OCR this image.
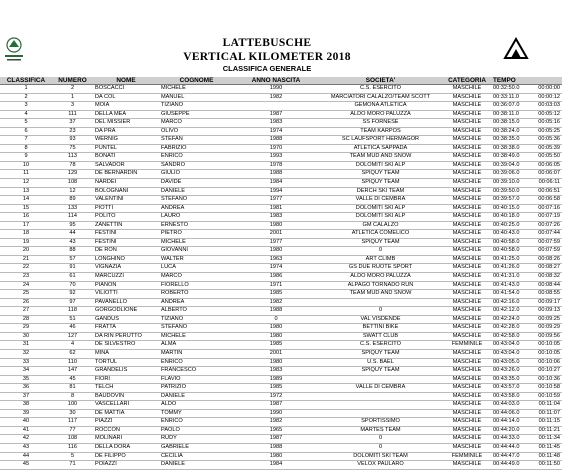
LATTEBUSCHE
VERTICAL KILOMETER 2018
CLASSIFICA GENERALE
CLASSIFICA	NUMERO	NOME	COGNOME	ANNO NASCITA	SOCIETA'	CATEGORIA	TEMPO	
1	2	BOSCACCI	MICHELE	1990	C.S. ESERCITO	MASCHILE	00:32:50.0	00:00:00
2	1	DA COL	MANUEL	1982	MARCIATORI CALALZO/TEAM SCOTT	MASCHILE	00:33:11.0	00:00:12
3	3	MOIA	TIZIANO		GEMONA ATLETICA	MASCHILE	00:36:07.0	00:03:03
4	111	DELLA MEA	GIUSEPPE	1987	ALDO MORO PALUZZA	MASCHILE	00:38:11.0	00:05:12
5	37	DEL MISSIER	MARCO	1983	SS FORNESE	MASCHILE	00:38:15.0	00:05:16
6	23	DA PRA	OLIVO	1974	TEAM KARPOS	MASCHILE	00:38:24.0	00:05:25
7	93	WERNIG	STEFAN	1988	SC LAUFSPORT HERMAGOR	MASCHILE	00:38:35.0	00:05:36
8	75	PUNTEL	FABRIZIO	1970	ATLETICA SAPPADA	MASCHILE	00:38:38.0	00:05:39
9	113	BONATI	ENRICO	1993	TEAM MUD AND SNOW	MASCHILE	00:38:49.0	00:05:50
10	78	SALVADOR	SANDRO	1978	DOLOMITI SKI ALP	MASCHILE	00:39:04.0	00:06:05
11	129	DE BERNARDIN	GIULIO	1988	SPIQUY TEAM	MASCHILE	00:39:06.0	00:06:07
12	108	NARDEI	DAVIDE	1984	SPIQUY TEAM	MASCHILE	00:39:10.0	00:06:11
13	12	BOLOGNANI	DANIELE	1994	DERCH SKI TEAM	MASCHILE	00:39:50.0	00:06:51
14	89	VALENTINI	STEFANO	1977	VALLE DI CEMBRA	MASCHILE	00:39:57.0	00:06:58
15	133	PIOTTI	ANDREA	1981	DOLOMITI SKI ALP	MASCHILE	00:40:15.0	00:07:16
16	114	POLITO	LAURO	1983	DOLOMITI SKI ALP	MASCHILE	00:40:18.0	00:07:19
17	95	ZANETTIN	ERNESTO	1980	GM CALALZO	MASCHILE	00:40:25.0	00:07:26
18	44	FESTINI	PIETRO	2001	ATLETICA COMELICO	MASCHILE	00:40:43.0	00:07:44
19	43	FESTINI	MICHELE	1977	SPIQUY TEAM	MASCHILE	00:40:58.0	00:07:59
20	88	DE RON	GIOVANNI	1980	0	MASCHILE	00:40:58.0	00:07:59
21	57	LONGHINO	WALTER	1963	ART CLIMB	MASCHILE	00:41:25.0	00:08:26
22	91	VIGNAZIA	LUCA	1974	GS DUE RUOTE SPORT	MASCHILE	00:41:26.0	00:08:27
23	61	MARCUZZI	MARCO	1986	ALDO MORO PALUZZA	MASCHILE	00:41:31.0	00:08:32
24	70	PIANON	FIORELLO	1971	ALPAGO TORNADO RUN	MASCHILE	00:41:43.0	00:08:44
25	92	VILIOTTI	ROBERTO	1985	TEAM MUD AND SNOW	MASCHILE	00:41:54.0	00:08:55
26	97	PAVANELLO	ANDREA	1982		MASCHILE	00:42:16.0	00:09:17
27	118	GORGODLIONE	ALBERTO	1988	0	MASCHILE	00:42:12.0	00:09:13
28	51	GANDUS	TIZIANO	0	VAL VISDENDE	MASCHILE	00:42:24.0	00:09:25
29	46	FRATTA	STEFANO	1980	BETTINI BIKE	MASCHILE	00:42:28.0	00:09:29
30	127	DA RIN PERUTTO	MICHELE	1980	SWATT CLUB	MASCHILE	00:42:58.0	00:09:56
31	4	DE SILVESTRO	ALMA	1985	C.S. ESERCITO	FEMMINILE	00:43:04.0	00:10:05
32	62	MINA	MARTIN	2001	SPIQUY TEAM	MASCHILE	00:43:04.0	00:10:05
33	110	TORTUL	ENRICO	1980	U.S. BAEL	MASCHILE	00:43:05.0	00:10:06
34	147	GRANDELIS	FRANCESCO	1983	SPIQUY TEAM	MASCHILE	00:43:26.0	00:10:27
35	45	FIORI	FLAVIO	1989		MASCHILE	00:43:35.0	00:10:36
36	81	TELCH	PATRIZIO	1985	VALLE DI CEMBRA	MASCHILE	00:43:57.0	00:10:58
37	8	BAUDOVIN	DANIELE	1972		MASCHILE	00:43:58.0	00:10:59
38	100	VASCELLARI	ALDO	1987		MASCHILE	00:44:03.0	00:11:04
39	30	DE MATTIA	TOMMY	1990		MASCHILE	00:44:06.0	00:11:07
40	117	PIAZZI	ENRICO	1982	SPORTISSIMO	MASCHILE	00:44:14.0	00:11:15
41	77	ROCCON	PAOLO	1965	MARTES TEAM	MASCHILE	00:44:20.0	00:11:21
42	108	MOLINARI	RUDY	1987	0	MASCHILE	00:44:33.0	00:11:34
43	116	DELLA DORA	GABRIELE	1988	0	MASCHILE	00:44:44.0	00:11:45
44	5	DE FILIPPO	CECILIA	1980	DOLOMITI SKI TEAM	FEMMINILE	00:44:47.0	00:11:48
45	71	POIAZZI	DANIELE	1984	VELOX PAULARO	MASCHILE	00:44:49.0	00:11:50
